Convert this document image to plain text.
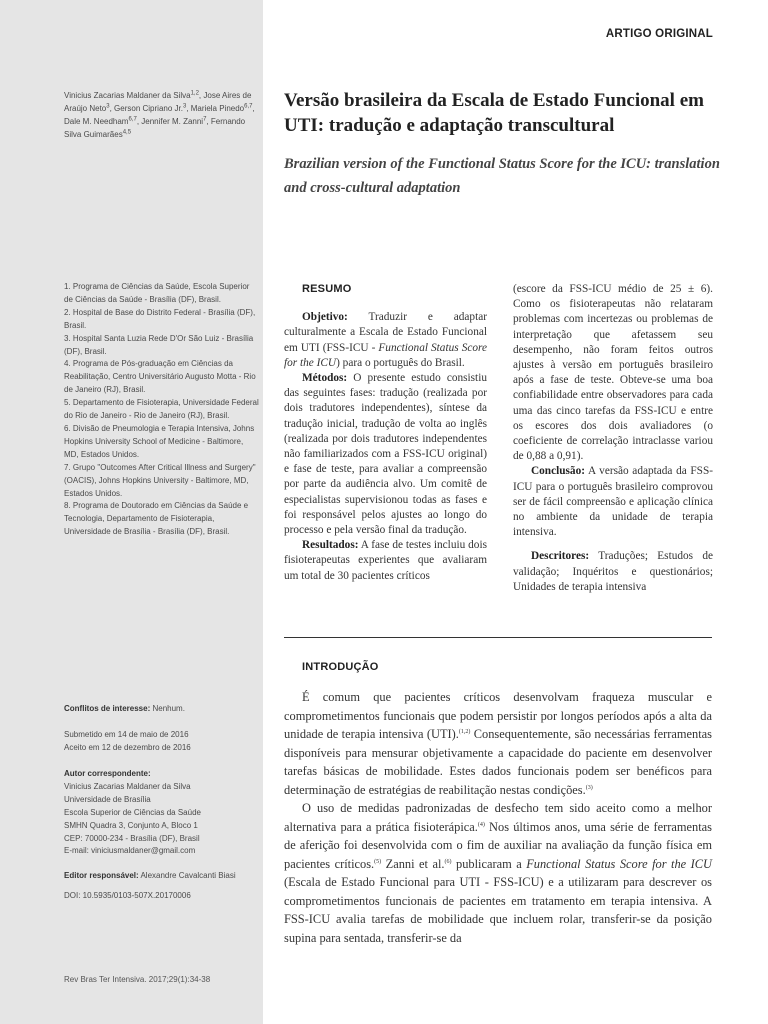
Vinicius Zacarias Maldaner da Silva$^{1,2}$, Jose Aires de Araújo Neto$^3$, Gerson Cipriano Jr.$^3$, Mariela Pinedo$^{6,7}$, Dale M. Needham$^{6,7}$, Jennifer M. Zanni$^7$, Fernando Silva Guimarães$^{4,5}$

1. Programa de Ciências da Saúde, Escola Superior de Ciências da Saúde - Brasília (DF), Brasil.

2. Hospital de Base do Distrito Federal - Brasília (DF), Brasil.

3. Hospital Santa Luzia Rede D'Or São Luiz - Brasília (DF), Brasil.

4. Programa de Pós-graduação em Ciências da Reabilitação, Centro Universitário Augusto Motta - Rio de Janeiro (RJ), Brasil.

5. Departamento de Fisioterapia, Universidade Federal do Rio de Janeiro - Rio de Janeiro (RJ), Brasil.

6. Divisão de Pneumologia e Terapia Intensiva, Johns Hopkins University School of Medicine - Baltimore, MD, Estados Unidos.

7. Grupo "Outcomes After Critical Illness and Surgery" (OACIS), Johns Hopkins University - Baltimore, MD, Estados Unidos.

8. Programa de Doutorado em Ciências da Saúde e Tecnologia, Departamento de Fisioterapia, Universidade de Brasília - Brasília (DF), Brasil.

Conflitos de interesse: Nenhum.

Submetido em 14 de maio de 2016

Aceito em 12 de dezembro de 2016

Autor correspondente:

Vinicius Zacarias Maldaner da Silva

Universidade de Brasília

Escola Superior de Ciências da Saúde

SMHN Quadra 3, Conjunto A, Bloco 1

CEP: 70000-234 - Brasília (DF), Brasil

E-mail: viniciusmaldaner@gmail.com

Editor responsável: Alexandre Cavalcanti Biasi

DOI: 10.5935/0103-507X.20170006

Rev Bras Ter Intensiva. 2017;29(1):34-38
ARTIGO ORIGINAL
Versão brasileira da Escala de Estado Funcional em UTI: tradução e adaptação transcultural
Brazilian version of the Functional Status Score for the ICU: translation and cross-cultural adaptation

RESUMO

Objetivo: Traduzir e adaptar culturalmente a Escala de Estado Funcional em UTI (FSS-ICU - Functional Status Score for the ICU) para o português do Brasil.

Métodos: O presente estudo consistiu das seguintes fases: tradução (realizada por dois tradutores independentes), síntese da tradução inicial, tradução de volta ao inglês (realizada por dois tradutores independentes não familiarizados com a FSS-ICU original) e fase de teste, para avaliar a compreensão por parte da audiência alvo. Um comitê de especialistas supervisionou todas as fases e foi responsável pelos ajustes ao longo do processo e pela versão final da tradução.

Resultados: A fase de testes incluiu dois fisioterapeutas experientes que avaliaram um total de 30 pacientes críticos

(escore da FSS-ICU médio de 25 ± 6). Como os fisioterapeutas não relataram problemas com incertezas ou problemas de interpretação que afetassem seu desempenho, não foram feitos outros ajustes à versão em português brasileiro após a fase de teste. Obteve-se uma boa confiabilidade entre observadores para cada uma das cinco tarefas da FSS-ICU e entre os escores dos dois avaliadores (o coeficiente de correlação intraclasse variou de 0,88 a 0,91).

Conclusão: A versão adaptada da FSS-ICU para o português brasileiro comprovou ser de fácil compreensão e aplicação clínica no ambiente da unidade de terapia intensiva.

Descritores: Traduções; Estudos de validação; Inquéritos e questionários; Unidades de terapia intensiva

INTRODUÇÃO

É comum que pacientes críticos desenvolvam fraqueza muscular e comprometimentos funcionais que podem persistir por longos períodos após a alta da unidade de terapia intensiva (UTI).$^{(1,2)}$ Consequentemente, são necessárias ferramentas disponíveis para mensurar objetivamente a capacidade do paciente em desenvolver tarefas básicas de mobilidade. Estes dados funcionais podem ser benéficos para determinação de estratégias de reabilitação nestas condições.$^{(3)}$

O uso de medidas padronizadas de desfecho tem sido aceito como a melhor alternativa para a prática fisioterápica.$^{(4)}$ Nos últimos anos, uma série de ferramentas de aferição foi desenvolvida com o fim de auxiliar na avaliação da função física em pacientes críticos.$^{(5)}$ Zanni et al.$^{(6)}$ publicaram a Functional Status Score for the ICU (Escala de Estado Funcional para UTI - FSS-ICU) e a utilizaram para descrever os comprometimentos funcionais de pacientes em tratamento em terapia intensiva. A FSS-ICU avalia tarefas de mobilidade que incluem rolar, transferir-se da posição supina para sentada, transferir-se da
